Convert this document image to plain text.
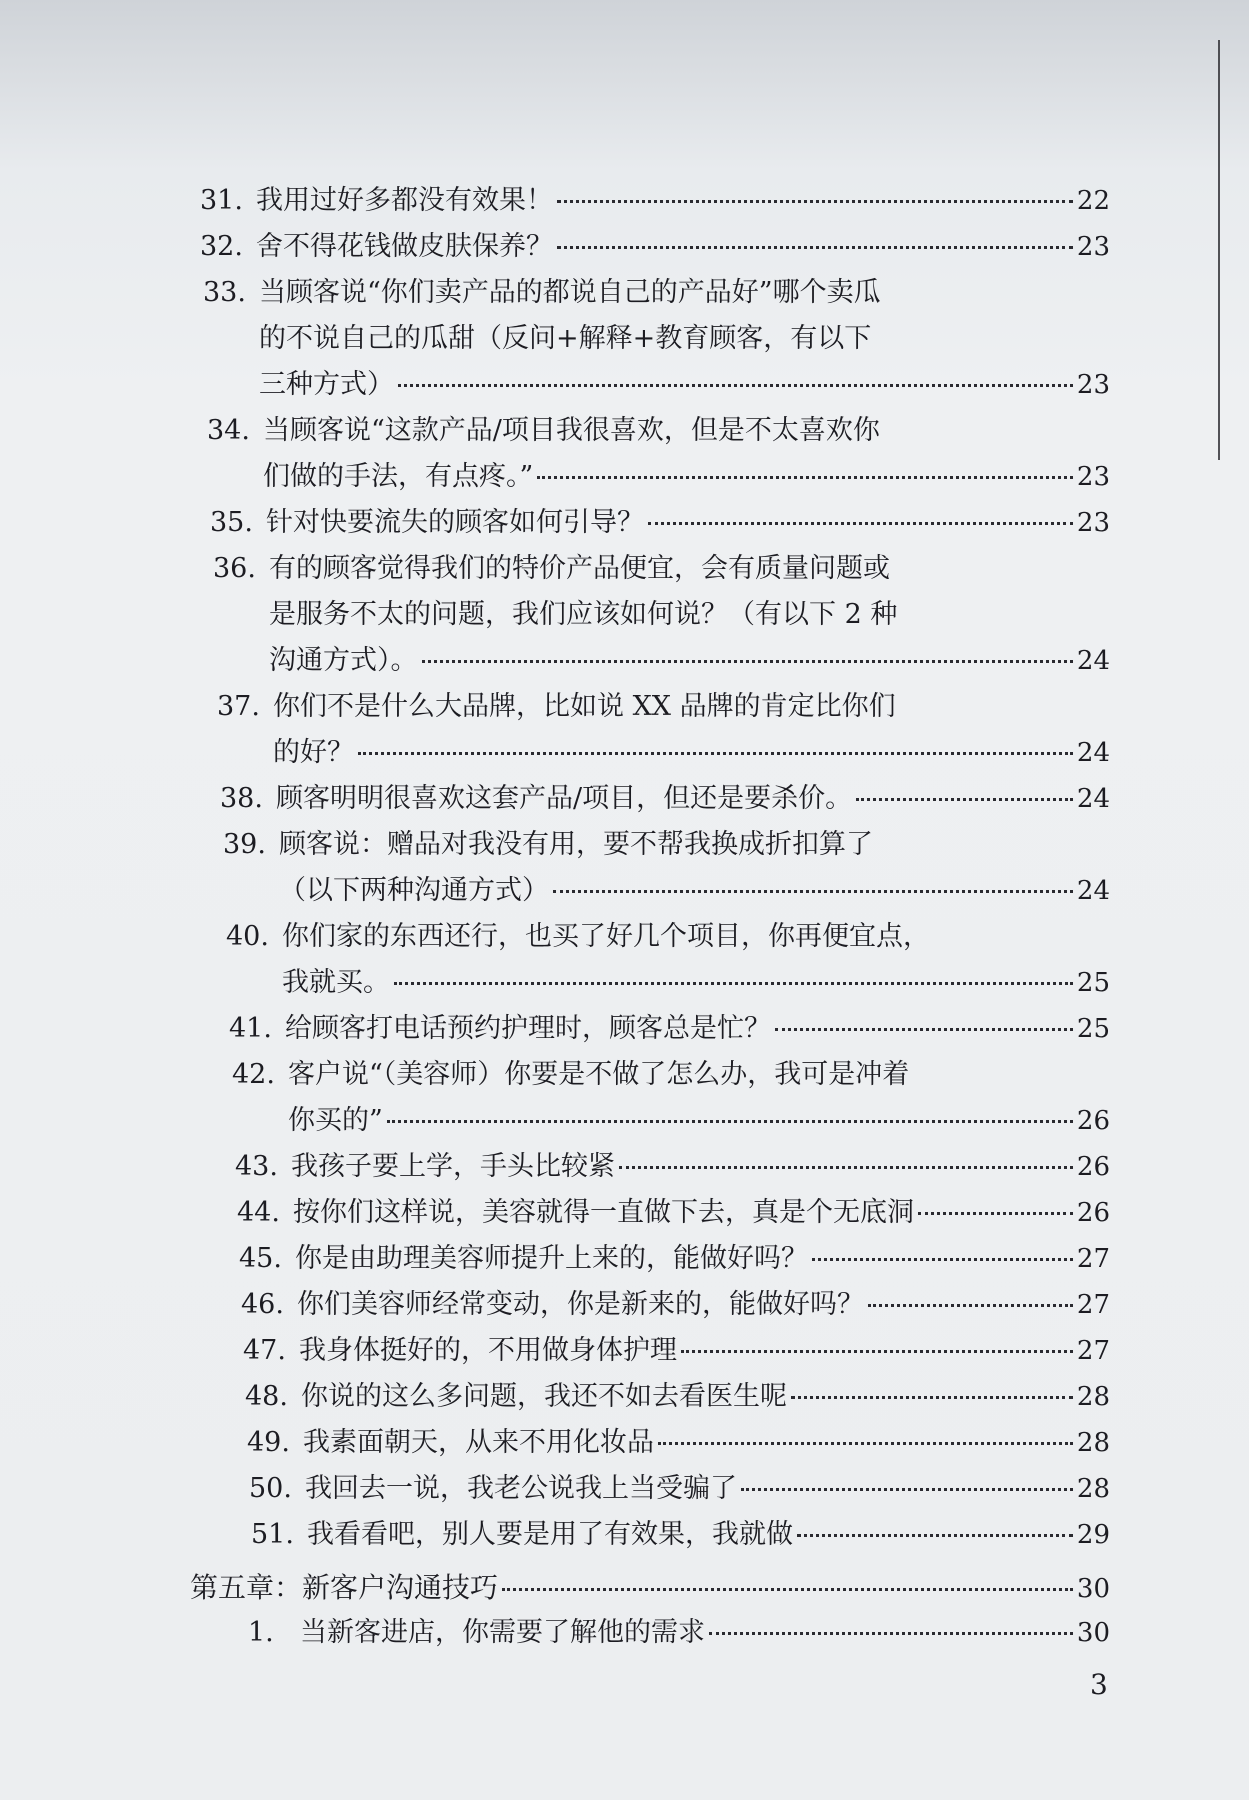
31. 我用过好多都没有效果！	22
32. 舍不得花钱做皮肤保养？	23
33. 当顾客说“你们卖产品的都说自己的产品好”哪个卖瓜
的不说自己的瓜甜（反问+解释+教育顾客，有以下
三种方式）	23
34. 当顾客说“这款产品/项目我很喜欢，但是不太喜欢你
们做的手法，有点疼。”	23
35. 针对快要流失的顾客如何引导？	23
36. 有的顾客觉得我们的特价产品便宜，会有质量问题或
是服务不太的问题，我们应该如何说？（有以下 2 种
沟通方式）。	24
37. 你们不是什么大品牌，比如说 XX 品牌的肯定比你们
的好？	24
38. 顾客明明很喜欢这套产品/项目，但还是要杀价。	24
39. 顾客说：赠品对我没有用，要不帮我换成折扣算了
（以下两种沟通方式）	24
40. 你们家的东西还行，也买了好几个项目，你再便宜点，
我就买。	25
41. 给顾客打电话预约护理时，顾客总是忙？	25
42. 客户说“（美容师）你要是不做了怎么办，我可是冲着
你买的”	26
43. 我孩子要上学，手头比较紧	26
44. 按你们这样说，美容就得一直做下去，真是个无底洞	26
45. 你是由助理美容师提升上来的，能做好吗？	27
46. 你们美容师经常变动，你是新来的，能做好吗？	27
47. 我身体挺好的，不用做身体护理	27
48. 你说的这么多问题，我还不如去看医生呢	28
49. 我素面朝天，从来不用化妆品	28
50. 我回去一说，我老公说我上当受骗了	28
51. 我看看吧，别人要是用了有效果，我就做	29
第五章：新客户沟通技巧	30
1. 当新客进店，你需要了解他的需求	30
3
